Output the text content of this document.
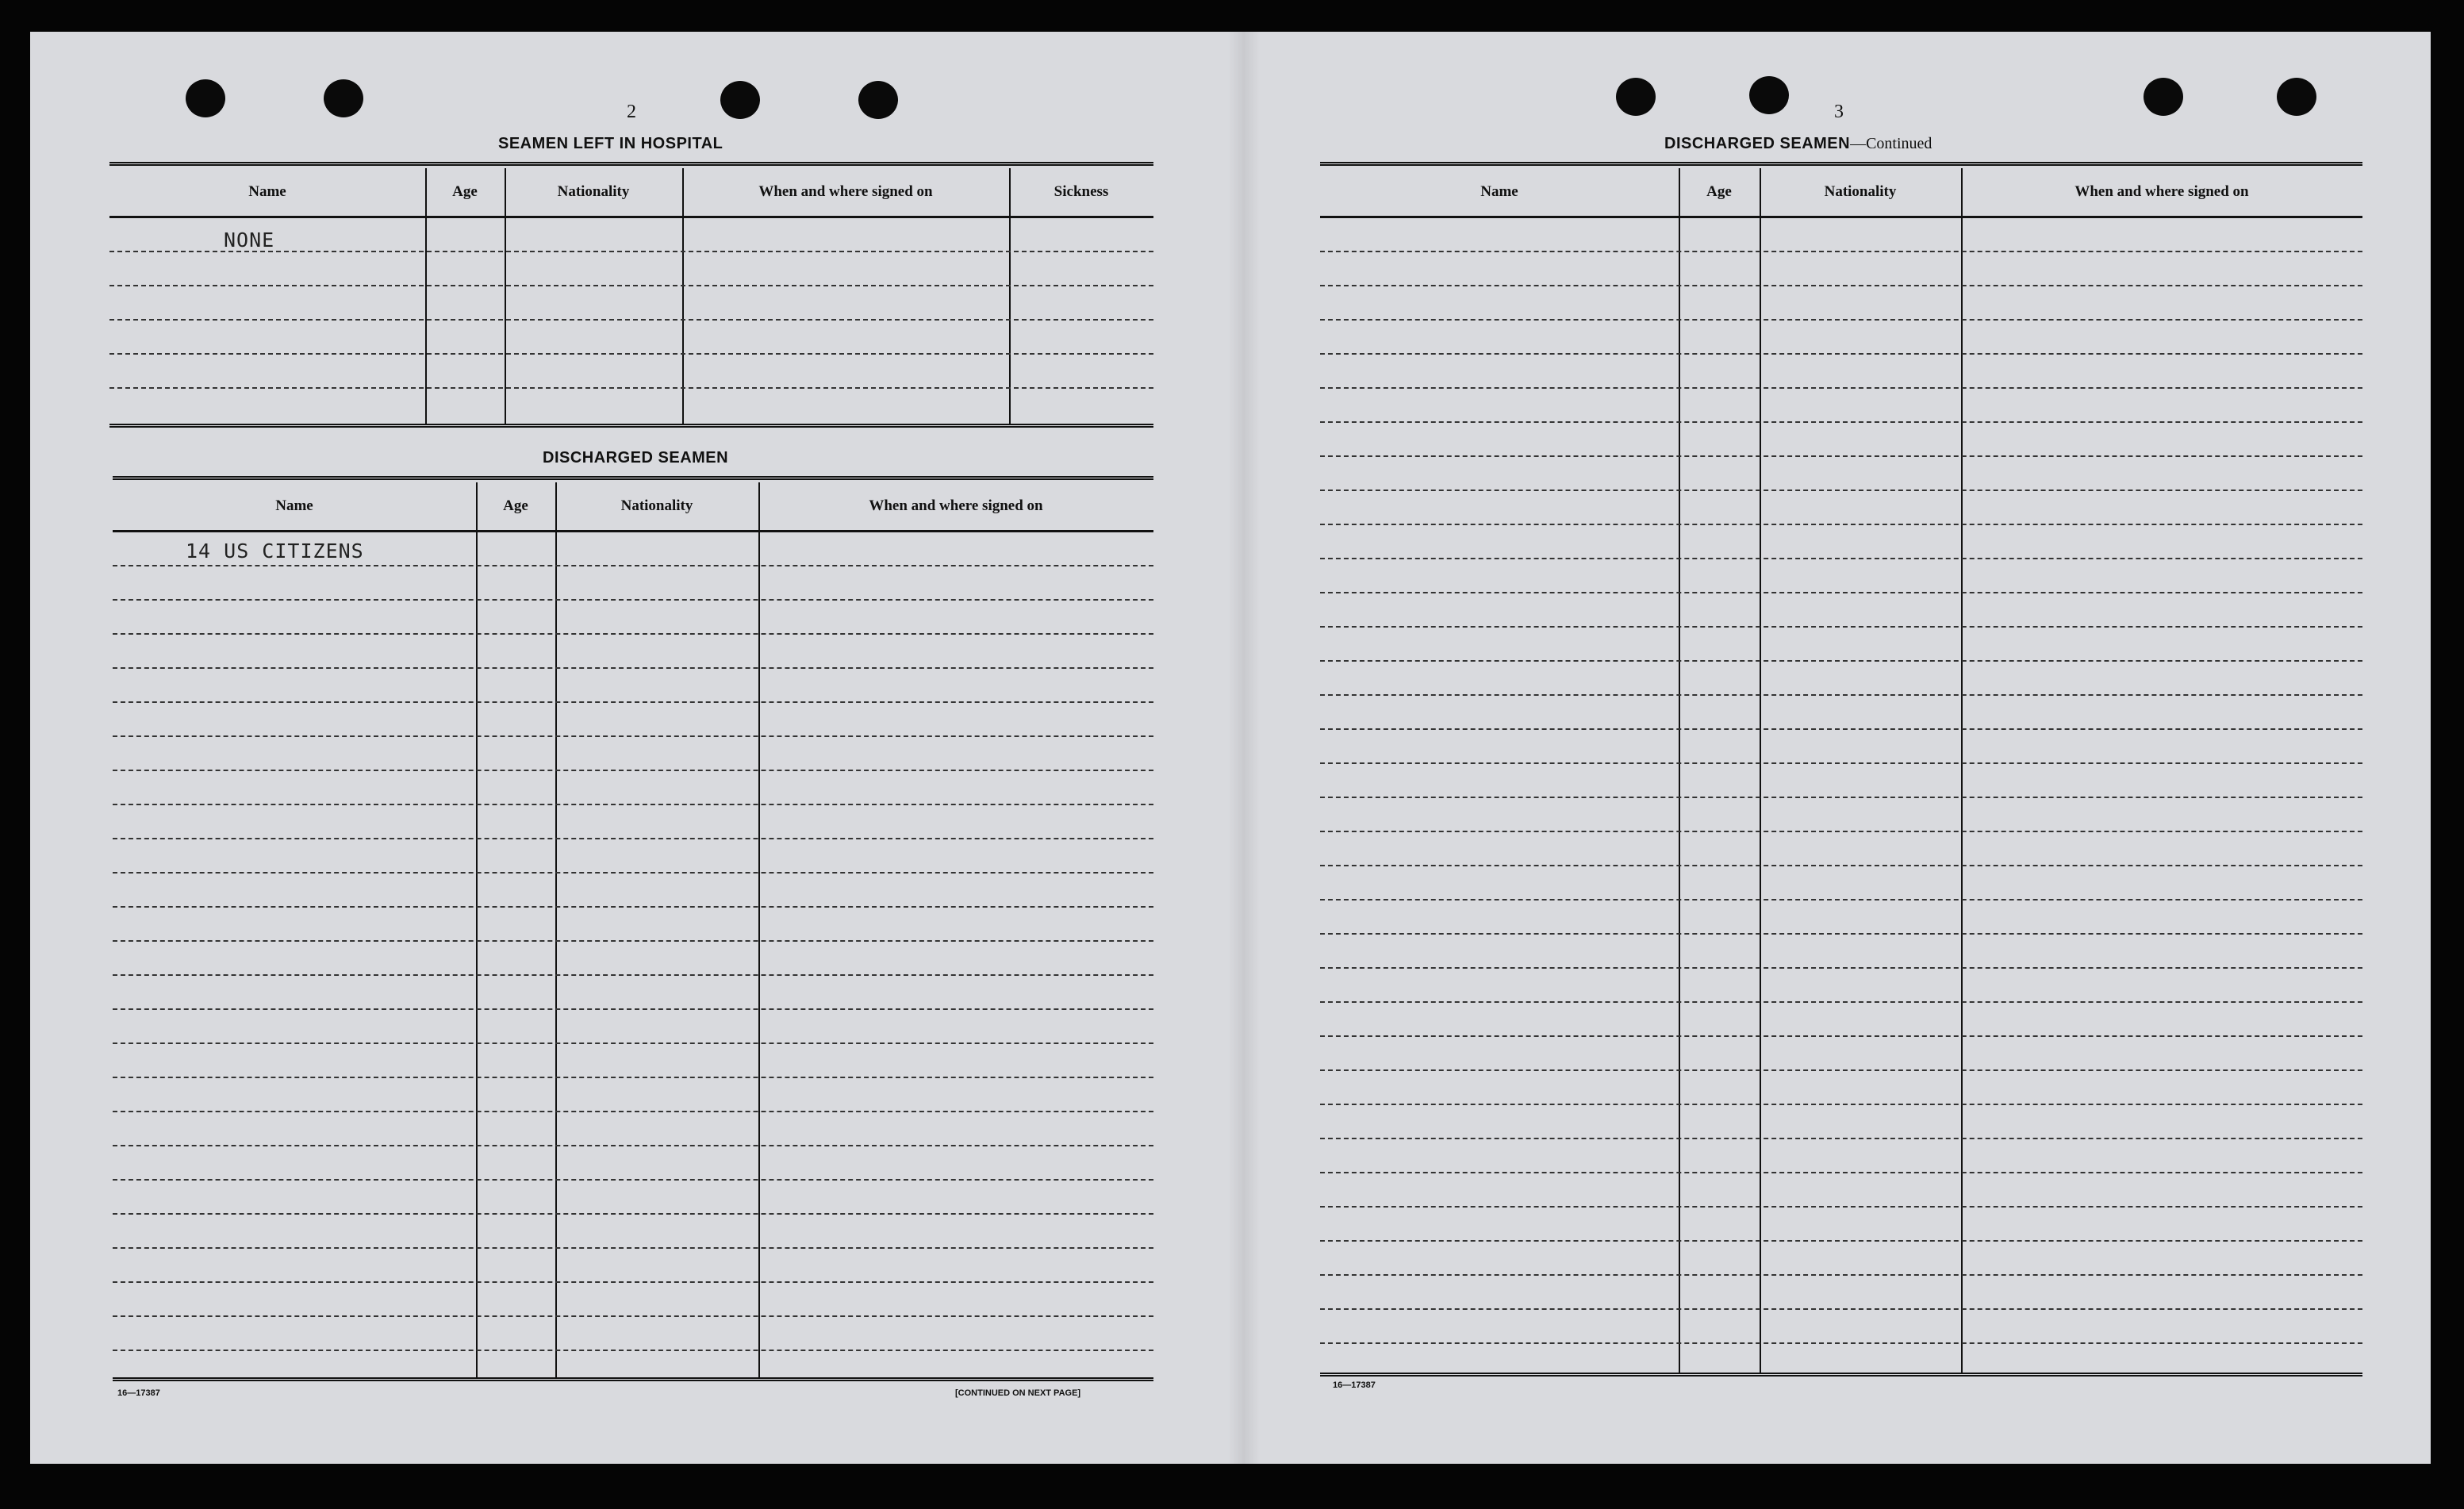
2
SEAMEN LEFT IN HOSPITAL
Name	Age	Nationality	When and where signed on	Sickness
NONE
DISCHARGED SEAMEN
Name	Age	Nationality	When and where signed on
14 US CITIZENS
16—17387	[CONTINUED ON NEXT PAGE]
3
DISCHARGED SEAMEN—Continued
Name	Age	Nationality	When and where signed on
16—17387
